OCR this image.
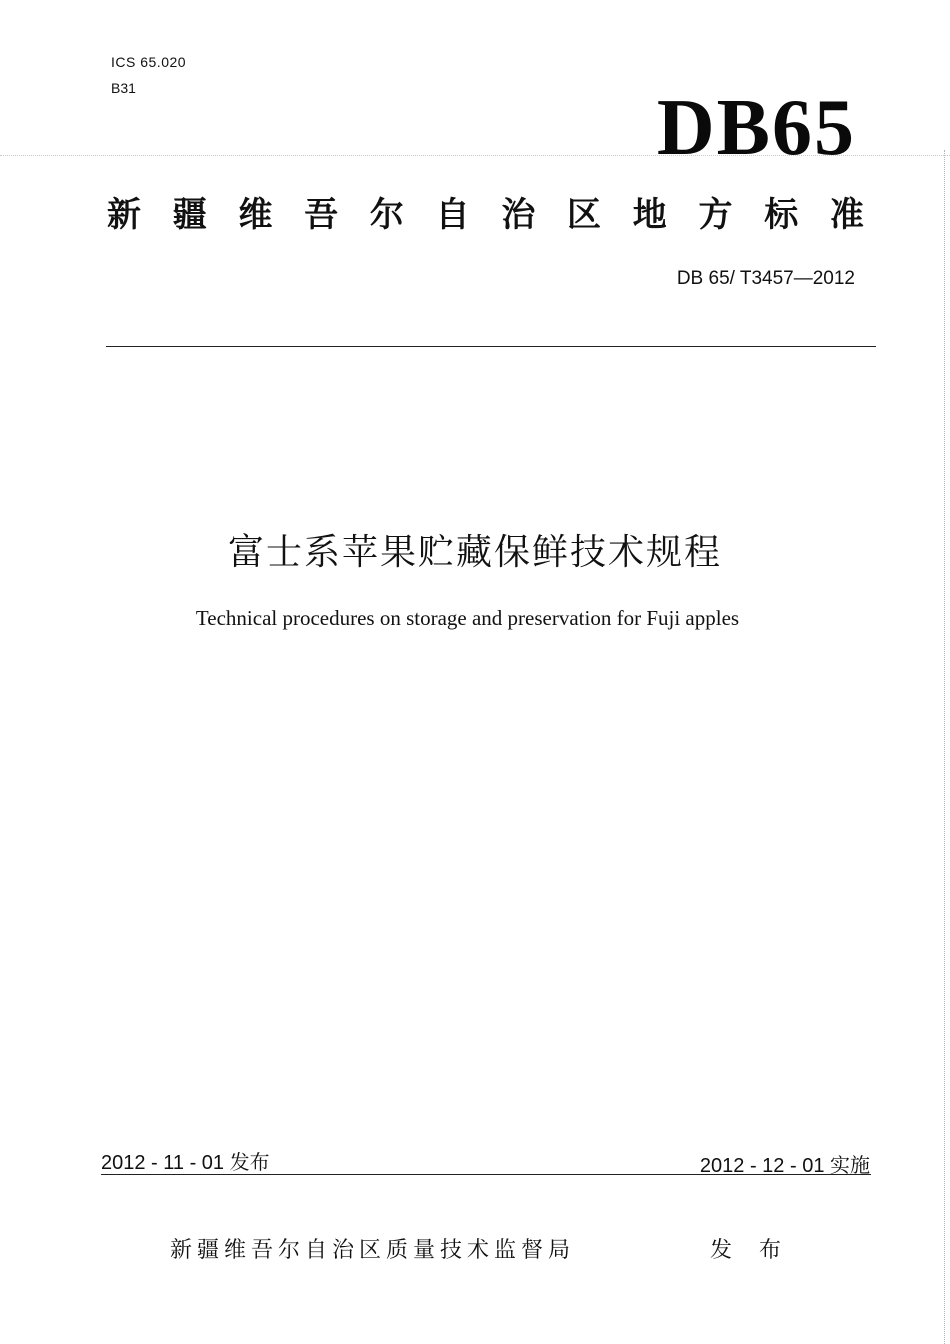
ICS 65.020
B31	DB65
新 疆 维 吾 尔 自 治 区 地 方 标 准
DB 65/ T3457—2012
富士系苹果贮藏保鲜技术规程
Technical procedures on storage and preservation for Fuji apples
2012 - 11 - 01 发布	2012 - 12 - 01 实施
新疆维吾尔自治区质量技术监督局	发 布
